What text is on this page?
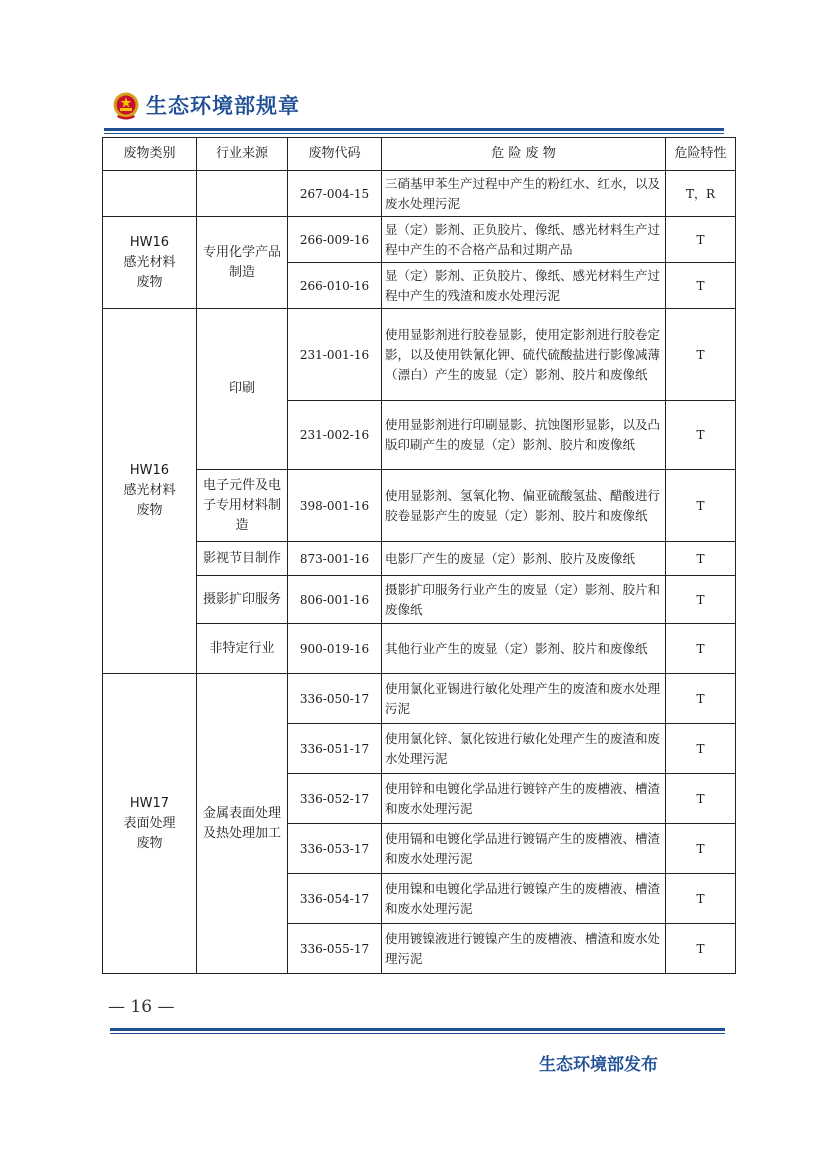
生态环境部规章
废物类别	行业来源	废物代码	危 险 废 物	危险特性
		267-004-15	三硝基甲苯生产过程中产生的粉红水、红水，以及废水处理污泥	T，R
HW16
感光材料
废物	专用化学产品制造	266-009-16	显（定）影剂、正负胶片、像纸、感光材料生产过程中产生的不合格产品和过期产品	T
		266-010-16	显（定）影剂、正负胶片、像纸、感光材料生产过程中产生的残渣和废水处理污泥	T
HW16
感光材料
废物	印刷	231-001-16	使用显影剂进行胶卷显影，使用定影剂进行胶卷定影，以及使用铁氰化钾、硫代硫酸盐进行影像减薄（漂白）产生的废显（定）影剂、胶片和废像纸	T
		231-002-16	使用显影剂进行印刷显影、抗蚀图形显影，以及凸版印刷产生的废显（定）影剂、胶片和废像纸	T
	电子元件及电子专用材料制造	398-001-16	使用显影剂、氢氧化物、偏亚硫酸氢盐、醋酸进行胶卷显影产生的废显（定）影剂、胶片和废像纸	T
	影视节目制作	873-001-16	电影厂产生的废显（定）影剂、胶片及废像纸	T
	摄影扩印服务	806-001-16	摄影扩印服务行业产生的废显（定）影剂、胶片和废像纸	T
	非特定行业	900-019-16	其他行业产生的废显（定）影剂、胶片和废像纸	T
HW17
表面处理
废物	金属表面处理及热处理加工	336-050-17	使用氯化亚锡进行敏化处理产生的废渣和废水处理污泥	T
		336-051-17	使用氯化锌、氯化铵进行敏化处理产生的废渣和废水处理污泥	T
		336-052-17	使用锌和电镀化学品进行镀锌产生的废槽液、槽渣和废水处理污泥	T
		336-053-17	使用镉和电镀化学品进行镀镉产生的废槽液、槽渣和废水处理污泥	T
		336-054-17	使用镍和电镀化学品进行镀镍产生的废槽液、槽渣和废水处理污泥	T
		336-055-17	使用镀镍液进行镀镍产生的废槽液、槽渣和废水处理污泥	T
— 16 —
生态环境部发布
